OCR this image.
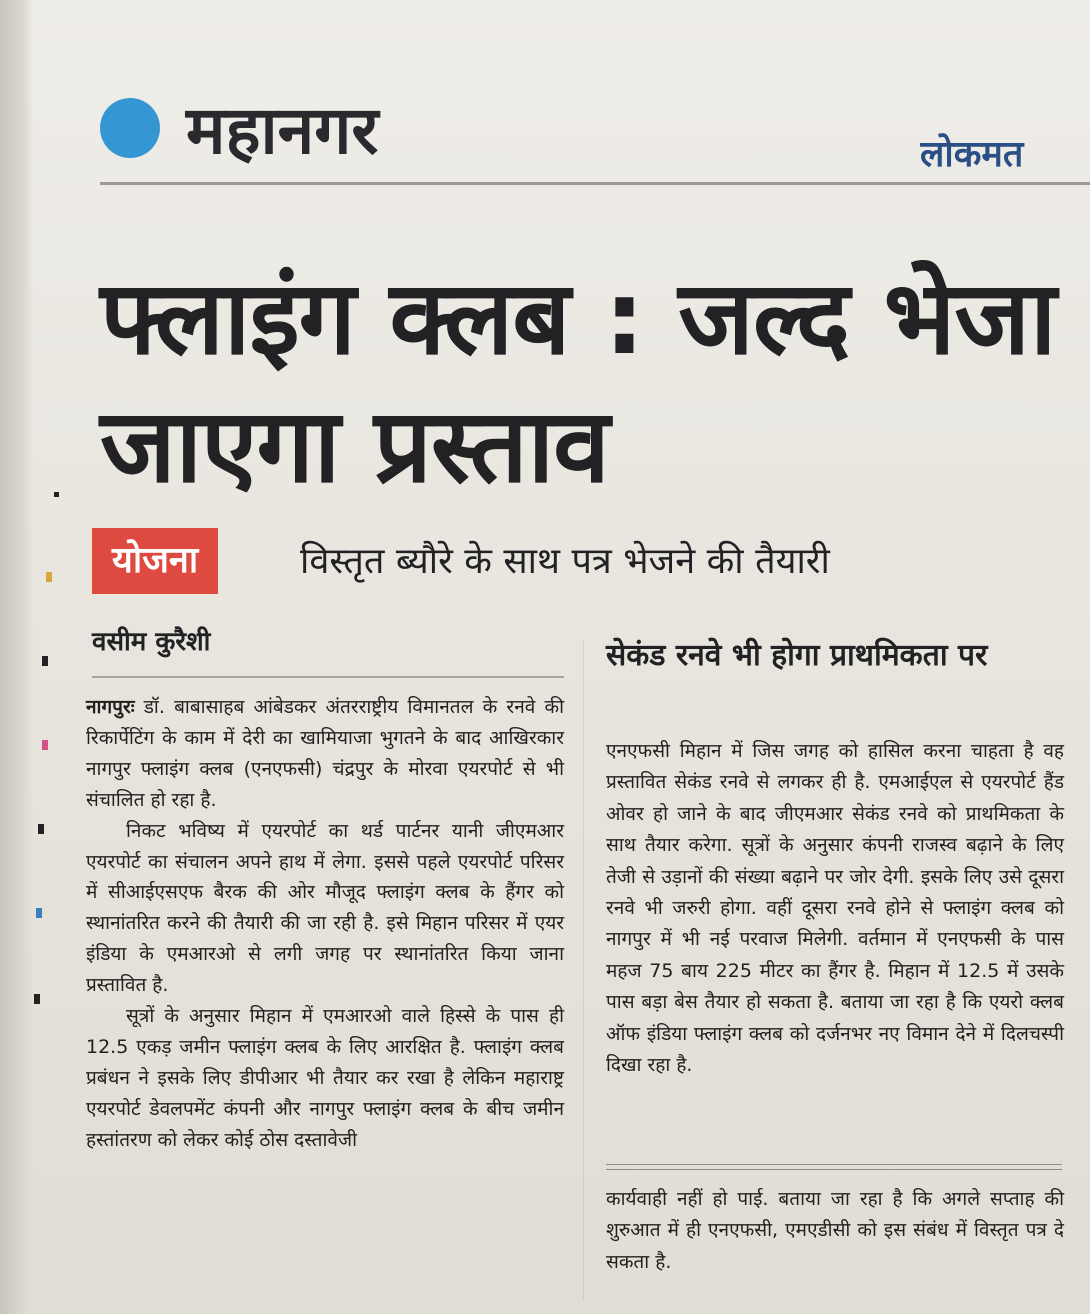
महानगर	लोकमत
फ्लाइंग क्लब : जल्द भेजा जाएगा प्रस्ताव
योजना	विस्तृत ब्यौरे के साथ पत्र भेजने की तैयारी
वसीम कुरैशी

नागपुरः डॉ. बाबासाहब आंबेडकर अंतरराष्ट्रीय विमानतल के रनवे की रिकार्पेटिंग के काम में देरी का खामियाजा भुगतने के बाद आखिरकार नागपुर फ्लाइंग क्लब (एनएफसी) चंद्रपुर के मोरवा एयरपोर्ट से भी संचालित हो रहा है.

निकट भविष्य में एयरपोर्ट का थर्ड पार्टनर यानी जीएमआर एयरपोर्ट का संचालन अपने हाथ में लेगा. इससे पहले एयरपोर्ट परिसर में सीआईएसएफ बैरक की ओर मौजूद फ्लाइंग क्लब के हैंगर को स्थानांतरित करने की तैयारी की जा रही है. इसे मिहान परिसर में एयर इंडिया के एमआरओ से लगी जगह पर स्थानांतरित किया जाना प्रस्तावित है.

सूत्रों के अनुसार मिहान में एमआरओ वाले हिस्से के पास ही 12.5 एकड़ जमीन फ्लाइंग क्लब के लिए आरक्षित है. फ्लाइंग क्लब प्रबंधन ने इसके लिए डीपीआर भी तैयार कर रखा है लेकिन महाराष्ट्र एयरपोर्ट डेवलपमेंट कंपनी और नागपुर फ्लाइंग क्लब के बीच जमीन हस्तांतरण को लेकर कोई ठोस दस्तावेजी

सेकंड रनवे भी होगा प्राथमिकता पर

एनएफसी मिहान में जिस जगह को हासिल करना चाहता है वह प्रस्तावित सेकंड रनवे से लगकर ही है. एमआईएल से एयरपोर्ट हैंड ओवर हो जाने के बाद जीएमआर सेकंड रनवे को प्राथमिकता के साथ तैयार करेगा. सूत्रों के अनुसार कंपनी राजस्व बढ़ाने के लिए तेजी से उड़ानों की संख्या बढ़ाने पर जोर देगी. इसके लिए उसे दूसरा रनवे भी जरुरी होगा. वहीं दूसरा रनवे होने से फ्लाइंग क्लब को नागपुर में भी नई परवाज मिलेगी. वर्तमान में एनएफसी के पास महज 75 बाय 225 मीटर का हैंगर है. मिहान में 12.5 में उसके पास बड़ा बेस तैयार हो सकता है. बताया जा रहा है कि एयरो क्लब ऑफ इंडिया फ्लाइंग क्लब को दर्जनभर नए विमान देने में दिलचस्पी दिखा रहा है.

कार्यवाही नहीं हो पाई. बताया जा रहा है कि अगले सप्ताह की शुरुआत में ही एनएफसी, एमएडीसी को इस संबंध में विस्तृत पत्र दे सकता है.
